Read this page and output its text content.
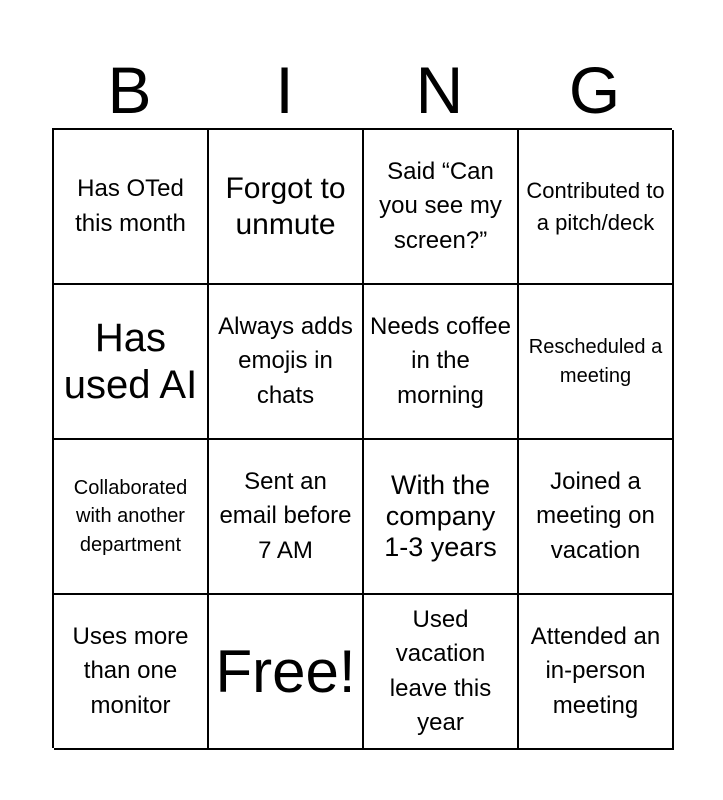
B	I	N	G
Has OTed this month
Forgot to unmute
Said “Can you see my screen?”
Contributed to a pitch/deck
Has used AI
Always adds emojis in chats
Needs coffee in the morning
Rescheduled a meeting
Collaborated with another department
Sent an email before 7 AM
With the company 1-3 years
Joined a meeting on vacation
Uses more than one monitor
Free!
Used vacation leave this year
Attended an in-person meeting
